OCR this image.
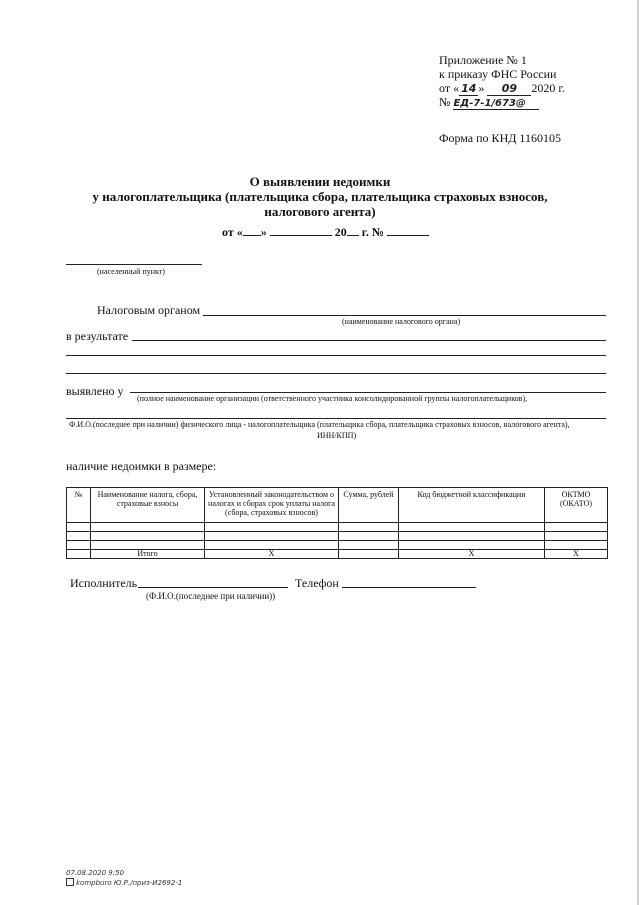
Приложение № 1
к приказу ФНС России
от « 14 » 09 2020 г.
№ ЕД-7-1/673@
Форма по КНД 1160105
О выявлении недоимки
у налогоплательщика (плательщика сбора, плательщика страховых взносов,
налогового агента)
от « »	20 г. №
(населенный пункт)
Налоговым органом
(наименование налогового органа)
в результате
выявлено у
(полное наименование организации (ответственного участника консолидированной группы налогоплательщиков),
Ф.И.О.(последнее при наличии) физического лица - налогоплательщика (плательщика сбора, плательщика страховых взносов, налогового агента),
ИНН/КПП)
наличие недоимки в размере:
№	Наименование налога, сбора, страховые взносы	Установленный законодательством о налогах и сборах срок уплаты налога (сбора, страховых взносов)	Сумма, рублей	Код бюджетной классификации	ОКТМО (ОКАТО)

	Итого	Х		Х	Х
Исполнитель	Телефон
(Ф.И.О.(последнее при наличии))
07.08.2020 9:50
kompburo Ю.Р./приз-И2692-1
